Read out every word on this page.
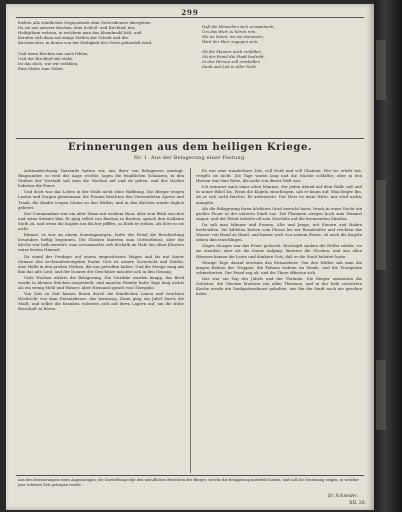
299
hielten alle sündlichen Gegenstände dem Gottesdienste übergeben
Da sie aus unserer Kirchen, dem Schloß- und Kirchhof, das
Heiligthum wehren, in welchem man das Abendmahl hält, und
berufen sich dazu auf einige Stellen der Schrift und der
Kirchenväter, in denen von der Heiligkeit des Ortes gehandelt wird.

Und wenn Kirchen uns auch fehlen,
Und der Kirchhof öde steht,
Ist das doch, wie wir erzählen,
Eine Stätte zum Gebet.
Daß die Menschen sich versammeln,
Um das Wort zu hören rein,
Wo sie beten, wo sie stammeln,
Wird der Herr zugegen sein.

Ob die Mauern auch zerfallen,
Ob der Feind die Stadt bedroht,
In den Herzen soll erschallen
Dank und Lob in aller Noth.
Erinnerungen aus dem heiligen Kriege.
Nr. 1. Aus der Belagerung einer Festung.

Achtundsechszig Tausende hatten wir, uns ihrer von Belagerern umringt. Ringsumher, so weit das Auge reichte, lagen die feindlichen Schanzen; in den Gräben der Vorstadt sah man die Wachen auf und ab gehen, und des Nachts loderten die Feuer.

Und doch war das Leben in der Stadt nicht ohne Hoffnung. Die Bürger trugen Lasten und Sorgen gemeinsam; die Frauen brachten den Verwundeten Speise und Trank, die Kinder trugen Steine zu den Wällen, und in den Kirchen wurde täglich gebetet.

Der Commandant war ein alter Mann mit weißem Haar, aber sein Blick war fest und seine Stimme klar. Er ging selbst von Bastion zu Bastion, sprach den Soldaten Muth zu, und wenn die Kugeln um ihn her pfiffen, so blieb er stehen, als höre er sie nicht.

Einmal, es war an einem Sonntagmorgen, hatte der Feind die Beschießung besonders heftig begonnen. Die Glocken läuteten zum Gottesdienst, aber die Kirche war halb zerstört; man versammelte sich deshalb im Hofe des alten Klosters unter freiem Himmel.

Da stand der Prediger auf einem umgestürzten Wagen und las mit lauter Stimme den sechsundvierzigsten Psalm: Gott ist unsere Zuversicht und Stärke, eine Hülfe in den großen Nöthen, die uns getroffen haben. Und die Menge sang mit ihm das alte Lied, und der Donner der Geschütze mischte sich in den Gesang.

Viele Wochen währte die Belagerung. Die Vorräthe wurden knapp, das Brod wurde in kleinen Stücken ausgetheilt, und manche Familie hatte Tage lang nichts als ein wenig Mehl und Wasser. Aber Niemand sprach von Übergabe.

Von Zeit zu Zeit kamen Boten durch die feindlichen Linien und brachten Nachricht von dem Entsatzheere, das heranzog. Dann ging ein Jubel durch die Stadt, und selbst die Kranken richteten sich auf ihren Lagern auf, um die frohe Botschaft zu hören.

Es war eine wunderbare Zeit, voll Noth und voll Glauben. Wer sie erlebt hat, vergißt sie nicht. Die Tage waren lang und die Nächte schlaflos; aber in den Herzen war eine Ruhe, die nicht von dieser Welt war.

Ich erinnere mich eines alten Mannes, der jeden Abend auf dem Walle saß und in seiner Bibel las. Wenn die Kugeln einschlugen, sah er kaum auf. Man fragte ihn, ob er sich nicht fürchte. Er antwortete: Der Herr ist mein Hirte, mir wird nichts mangeln.

Als die Belagerung ihren höchsten Grad erreicht hatte, brach in einer Nacht ein großes Feuer in der unteren Stadt aus. Die Flammen stiegen hoch zum Himmel empor, und der Feind richtete all sein Geschütz auf die brennenden Straßen.

Da sah man Männer und Frauen, Alte und Junge, mit Eimern und Haken herbeieilen. Sie bildeten Ketten vom Flusse bis zur Brandstätte und reichten das Wasser von Hand zu Hand, und keiner wich von seinem Platze, ob auch die Kugeln neben ihm einschlugen.

Gegen Morgen war das Feuer gelöscht. Erschöpft sanken die Helfer nieder, wo sie standen; aber als die Sonne aufging, läuteten die Glocken, und aus allen Häusern kamen die Leute und dankten Gott, daß er die Stadt behütet hatte.

Wenige Tage darauf erschien das Entsatzheer. Von den Wällen sah man die langen Reihen der Truppen, die Fahnen wehten im Winde, und die Trompeten schmetterten. Der Feind zog ab, und die Thore öffneten sich.

Das war ein Tag des Jubels und der Thränen. Die Bürger umarmten die Soldaten, die Glocken läuteten von allen Thürmen, und in der halb zerstörten Kirche wurde ein Dankgottesdienst gehalten, wie ihn die Stadt noch nie gesehen hatte.

Aus den Erinnerungen eines Augenzeugen; die Darstellung folgt den mündlichen Berichten der Bürger, welche die Belagerung miterlebt haben, und soll die Gesinnung zeigen, in welcher jene schwere Zeit getragen wurde.
Dr. Schneider.
XII. 20.
